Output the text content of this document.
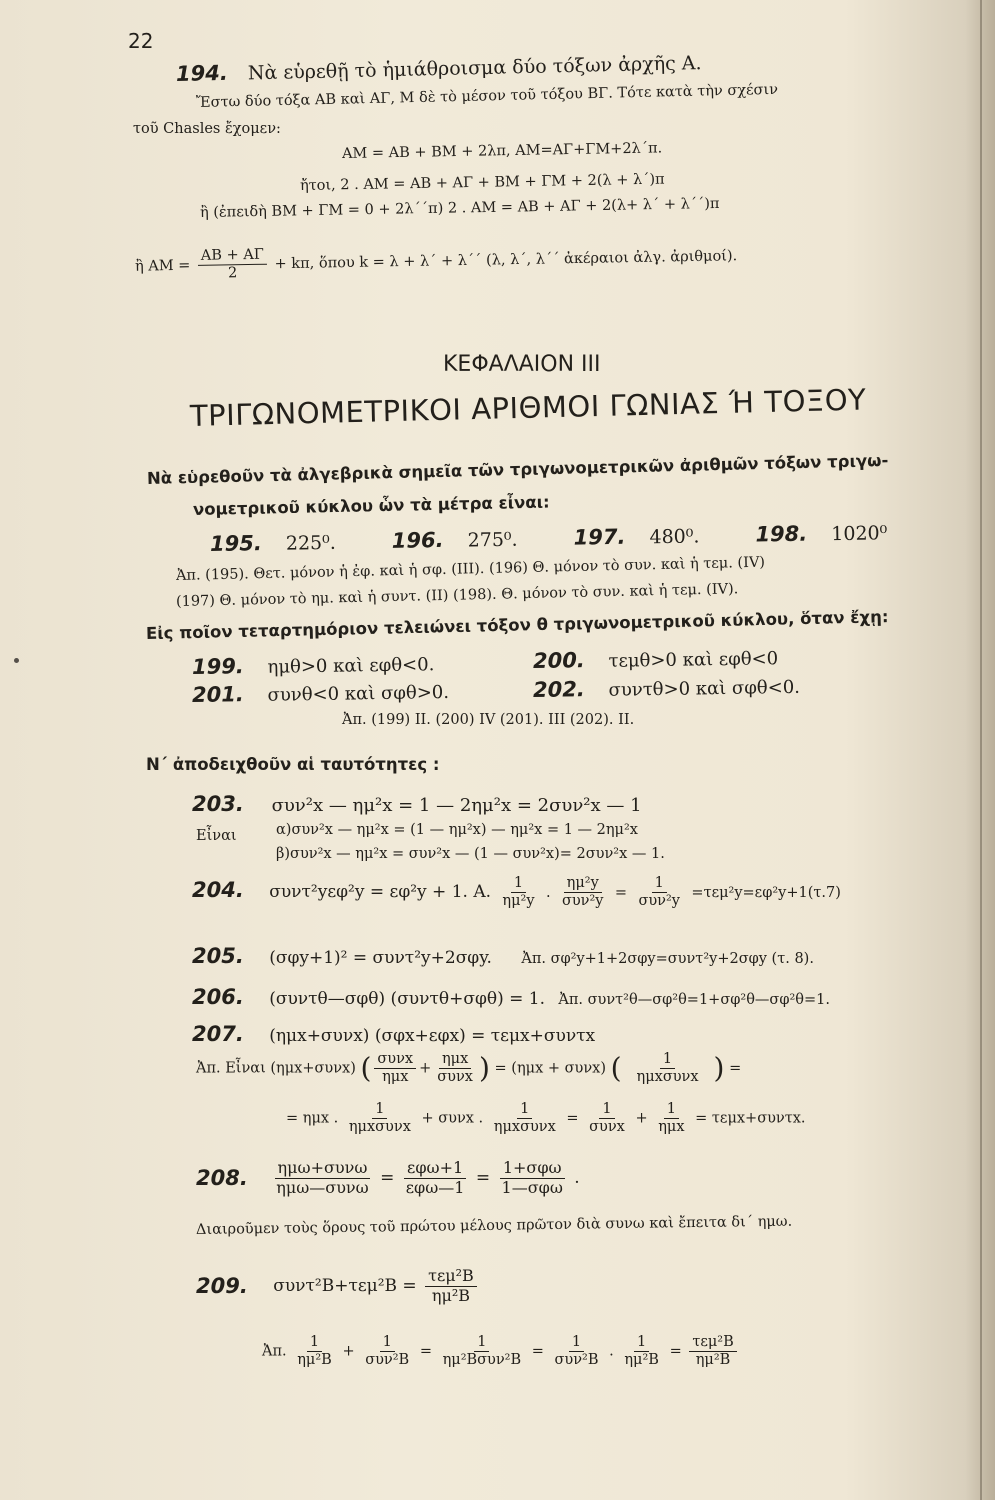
22
194. Νὰ εὑρεθῇ τὸ ἡμιάθροισμα δύο τόξων ἀρχῆς Α.
Ἔστω δύο τόξα ΑΒ καὶ ΑΓ, Μ δὲ τὸ μέσον τοῦ τόξου ΒΓ. Τότε κατὰ τὴν σχέσιν
τοῦ Chasles ἔχομεν:
ΑΜ = ΑΒ + ΒΜ + 2λπ, ΑΜ=ΑΓ+ΓΜ+2λ΄π.
ἤτοι, 2 . ΑΜ = ΑΒ + ΑΓ + ΒΜ + ΓΜ + 2(λ + λ΄)π
ἢ (ἐπειδὴ ΒΜ + ΓΜ = 0 + 2λ΄΄π) 2 . ΑΜ = ΑΒ + ΑΓ + 2(λ+ λ΄ + λ΄΄)π
ἢ $AM = \frac{AB + A\Gamma}{2} + k\pi$, ὅπου k = λ + λ΄ + λ΄΄ (λ, λ΄, λ΄΄ ἀκέραιοι ἀλγ. ἀριθμοί).
ΚΕΦΑΛΑΙΟΝ III
ΤΡΙΓΩΝΟΜΕΤΡΙΚΟΙ ΑΡΙΘΜΟΙ ΓΩΝΙΑΣ Ή ΤΟΞΟΥ
Νὰ εὑρεθοῦν τὰ ἀλγεβρικὰ σημεῖα τῶν τριγωνομετρικῶν ἀριθμῶν τόξων τριγω-
νομετρικοῦ κύκλου ὧν τὰ μέτρα εἶναι:
195. 225⁰.	196. 275⁰.	197. 480⁰.	198. 1020⁰
Ἀπ. (195). Θετ. μόνον ἡ ἐφ. καὶ ἡ σφ. (III). (196) Θ. μόνον τὸ συν. καὶ ἡ τεμ. (IV)
(197) Θ. μόνον τὸ ημ. καὶ ἡ συντ. (II) (198). Θ. μόνον τὸ συν. καὶ ἡ τεμ. (IV).
Εἰς ποῖον τεταρτημόριον τελειώνει τόξον θ τριγωνομετρικοῦ κύκλου, ὅταν ἔχῃ:
199. ημθ>0 καὶ εφθ<0.	200. τεμθ>0 καὶ εφθ<0
201. συνθ<0 καὶ σφθ>0.	202. συντθ>0 καὶ σφθ<0.
Ἀπ. (199) II. (200) IV (201). III (202). II.
Ν΄ ἀποδειχθοῦν αἱ ταυτότητες :
203. συν²x — ημ²x = 1 — 2ημ²x = 2συν²x — 1
Εἶναι	α)συν²x — ημ²x = (1 — ημ²x) — ημ²x = 1 — 2ημ²x
β)συν²x — ημ²x = συν²x — (1 — συν²x)= 2συν²x — 1.
204. συντ²yεφ²y = εφ²y + 1. Α. $\frac{1}{\text{ημ²y}}$ . $\frac{\text{ημ²y}}{\text{συν²y}} = \frac{1}{\text{συν²y}} =\tau\varepsilon\mu^2y=\varepsilon\varphi^2y+1(\tau.7)$
205. (σφy+1)² = συντ²y+2σφy. Ἀπ. σφ²y+1+2σφy=συντ²y+2σφy (τ. 8).
206. (συντθ—σφθ) (συντθ+σφθ) = 1. Ἀπ. συντ²θ—σφ²θ=1+σφ²θ—σφ²θ=1.
207. (ημx+συνx) (σφx+εφx) = τεμx+συντx
Ἀπ. Εἶναι (ημx+συνx) ( $\frac{\text{συνx}}{\text{ημx}} + \frac{\text{ημx}}{\text{συνx}}$ ) = (ημx + συνx) ( $\frac{1}{\text{ημxσυνx}}$ ) =
= ημx . $\frac{1}{\text{ημxσυνx}} + \sigma\upsilon\nu x$ . $\frac{1}{\text{ημxσυνx}} = \frac{1}{\text{συνx}} + \frac{1}{\text{ημx}} = \tau\varepsilon\mu x+\sigma\upsilon\nu\tau x$.
208. $\frac{\text{ημω+συνω}}{\text{ημω—συνω}} = \frac{\text{εφω+1}}{\text{εφω—1}} = \frac{\text{1+σφω}}{\text{1—σφω}}$ .
Διαιροῦμεν τοὺς ὅρους τοῦ πρώτου μέλους πρῶτον διὰ συνω καὶ ἔπειτα δι΄ ημω.
209. $\sigma\upsilon\nu\tau^2B+\tau\varepsilon\mu^2B = \frac{\text{τεμ²Β}}{\text{ημ²Β}}$
Ἀπ. $\frac{1}{\text{ημ²Β}} + \frac{1}{\text{συν²Β}} = \frac{1}{\text{ημ²Βσυν²Β}} = \frac{1}{\text{συν²Β}}$ . $\frac{1}{\text{ημ²Β}} = \frac{\text{τεμ²Β}}{\text{ημ²Β}}$
